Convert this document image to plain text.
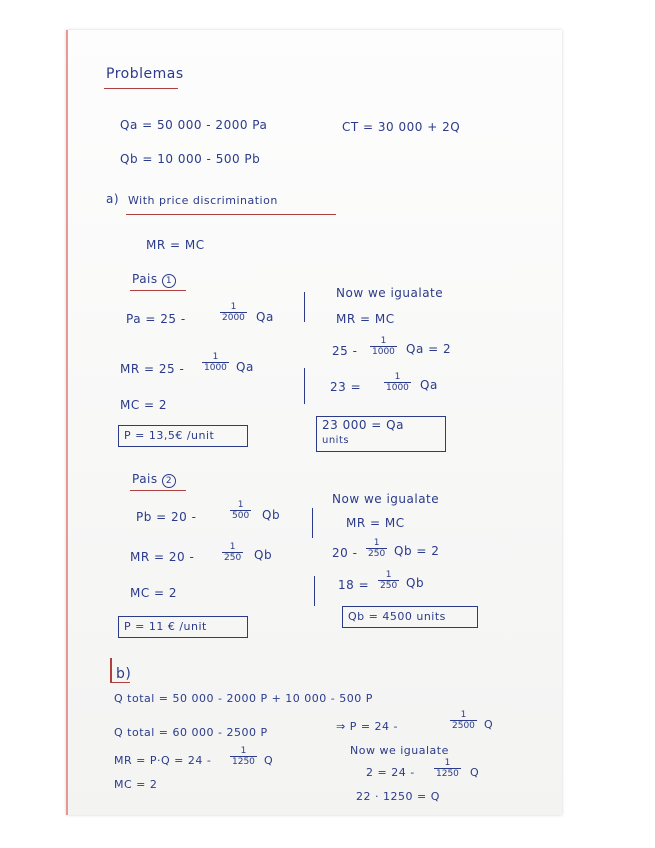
Problemas
Qa = 50 000 - 2000 Pa	CT = 30 000 + 2Q
Qb = 10 000 - 500 Pb
a) With price discrimination
MR = MC
Pais 1
Pa = 25 -	$\frac{1}{2000}$ Qa
MR = $25 - \frac{1}{1000}$ Qa
MC = 2
P = 13,5€ /unit
Now we igualate
MR = MC
$25 - \frac{1}{1000}$ Qa = 2
23 =	$\frac{1}{1000}$ Qa
23 000 = Qa
units
Pais 2
Pb = 20 -	$\frac{1}{500}$ Qb
MR = 20 -	$\frac{1}{250}$ Qb
MC = 2
P = 11 € /unit
Now we igualate
MR = MC
$20 - \frac{1}{250}$ Qb = 2
$18 = \frac{1}{250}$ Qb
Qb = 4500 units
b)
Q total = 50 000 - 2000 P + 10 000 - 500 P
Q total = 60 000 - 2500 P	⇒ P = 24 -	$\frac{1}{2500}$ Q
MR = $P\cdot Q = 24 - \frac{1}{1250}$ Q
MC = 2
Now we igualate
$2 = 24 - \frac{1}{1250}$ Q
22 · 1250 = Q
